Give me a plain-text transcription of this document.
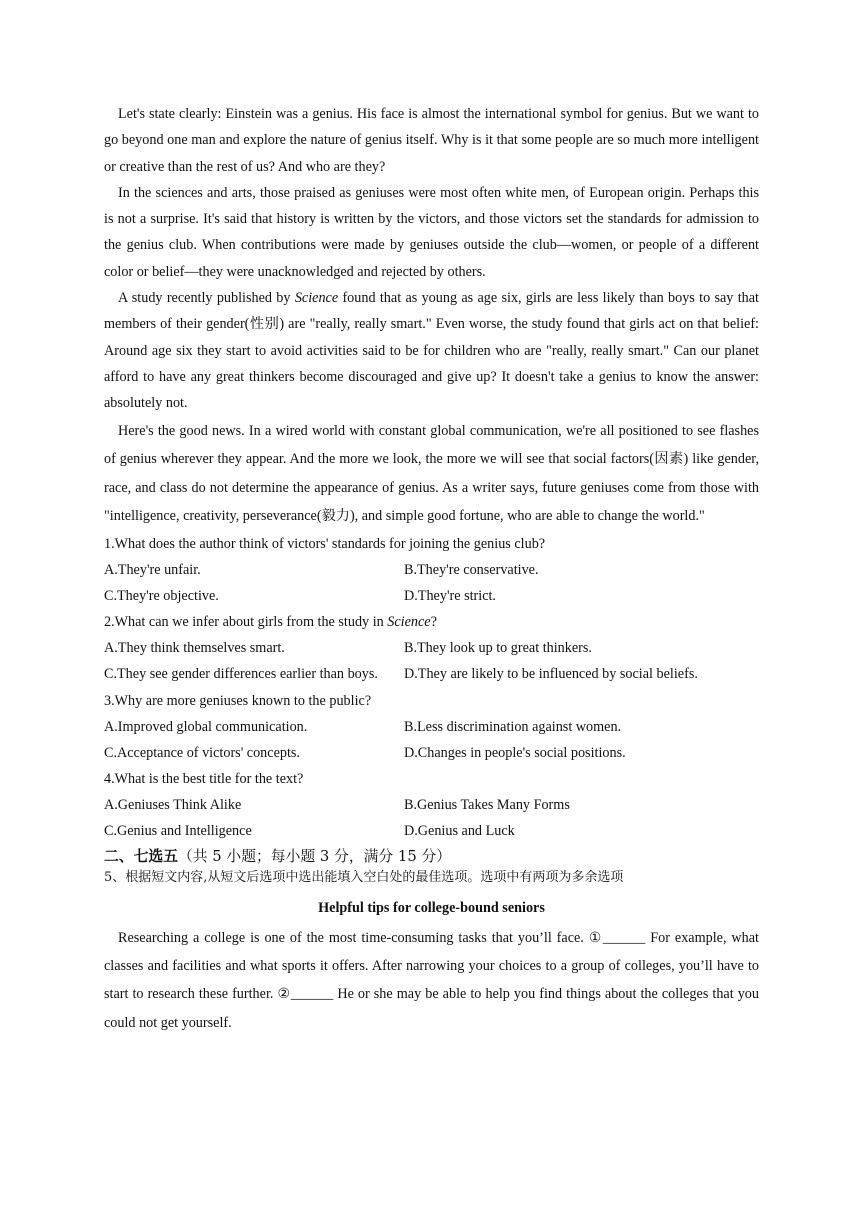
Let's state clearly: Einstein was a genius. His face is almost the international symbol for genius. But we want to go beyond one man and explore the nature of genius itself. Why is it that some people are so much more intelligent or creative than the rest of us? And who are they?

In the sciences and arts, those praised as geniuses were most often white men, of European origin. Perhaps this is not a surprise. It's said that history is written by the victors, and those victors set the standards for admission to the genius club. When contributions were made by geniuses outside the club—women, or people of a different color or belief—they were unacknowledged and rejected by others.

A study recently published by Science found that as young as age six, girls are less likely than boys to say that members of their gender(性别) are "really, really smart." Even worse, the study found that girls act on that belief: Around age six they start to avoid activities said to be for children who are "really, really smart." Can our planet afford to have any great thinkers become discouraged and give up? It doesn't take a genius to know the answer: absolutely not.

Here's the good news. In a wired world with constant global communication, we're all positioned to see flashes of genius wherever they appear. And the more we look, the more we will see that social factors(因素) like gender, race, and class do not determine the appearance of genius. As a writer says, future geniuses come from those with "intelligence, creativity, perseverance(毅力), and simple good fortune, who are able to change the world."

1.What does the author think of victors' standards for joining the genius club?

A.They're unfair.	B.They're conservative.
C.They're objective.	D.They're strict.

2.What can we infer about girls from the study in Science?

A.They think themselves smart.	B.They look up to great thinkers.
C.They see gender differences earlier than boys.	D.They are likely to be influenced by social beliefs.

3.Why are more geniuses known to the public?

A.Improved global communication.	B.Less discrimination against women.
C.Acceptance of victors' concepts.	D.Changes in people's social positions.

4.What is the best title for the text?

A.Geniuses Think Alike	B.Genius Takes Many Forms
C.Genius and Intelligence	D.Genius and Luck

二、七选五（共 5 小题；每小题 3 分，满分 15 分）

5、根据短文内容,从短文后选项中选出能填入空白处的最佳选项。选项中有两项为多余选项

Helpful tips for college-bound seniors

Researching a college is one of the most time-consuming tasks that you’ll face. ①______ For example, what classes and facilities and what sports it offers. After narrowing your choices to a group of colleges, you’ll have to start to research these further. ②______ He or she may be able to help you find things about the colleges that you could not get yourself.
